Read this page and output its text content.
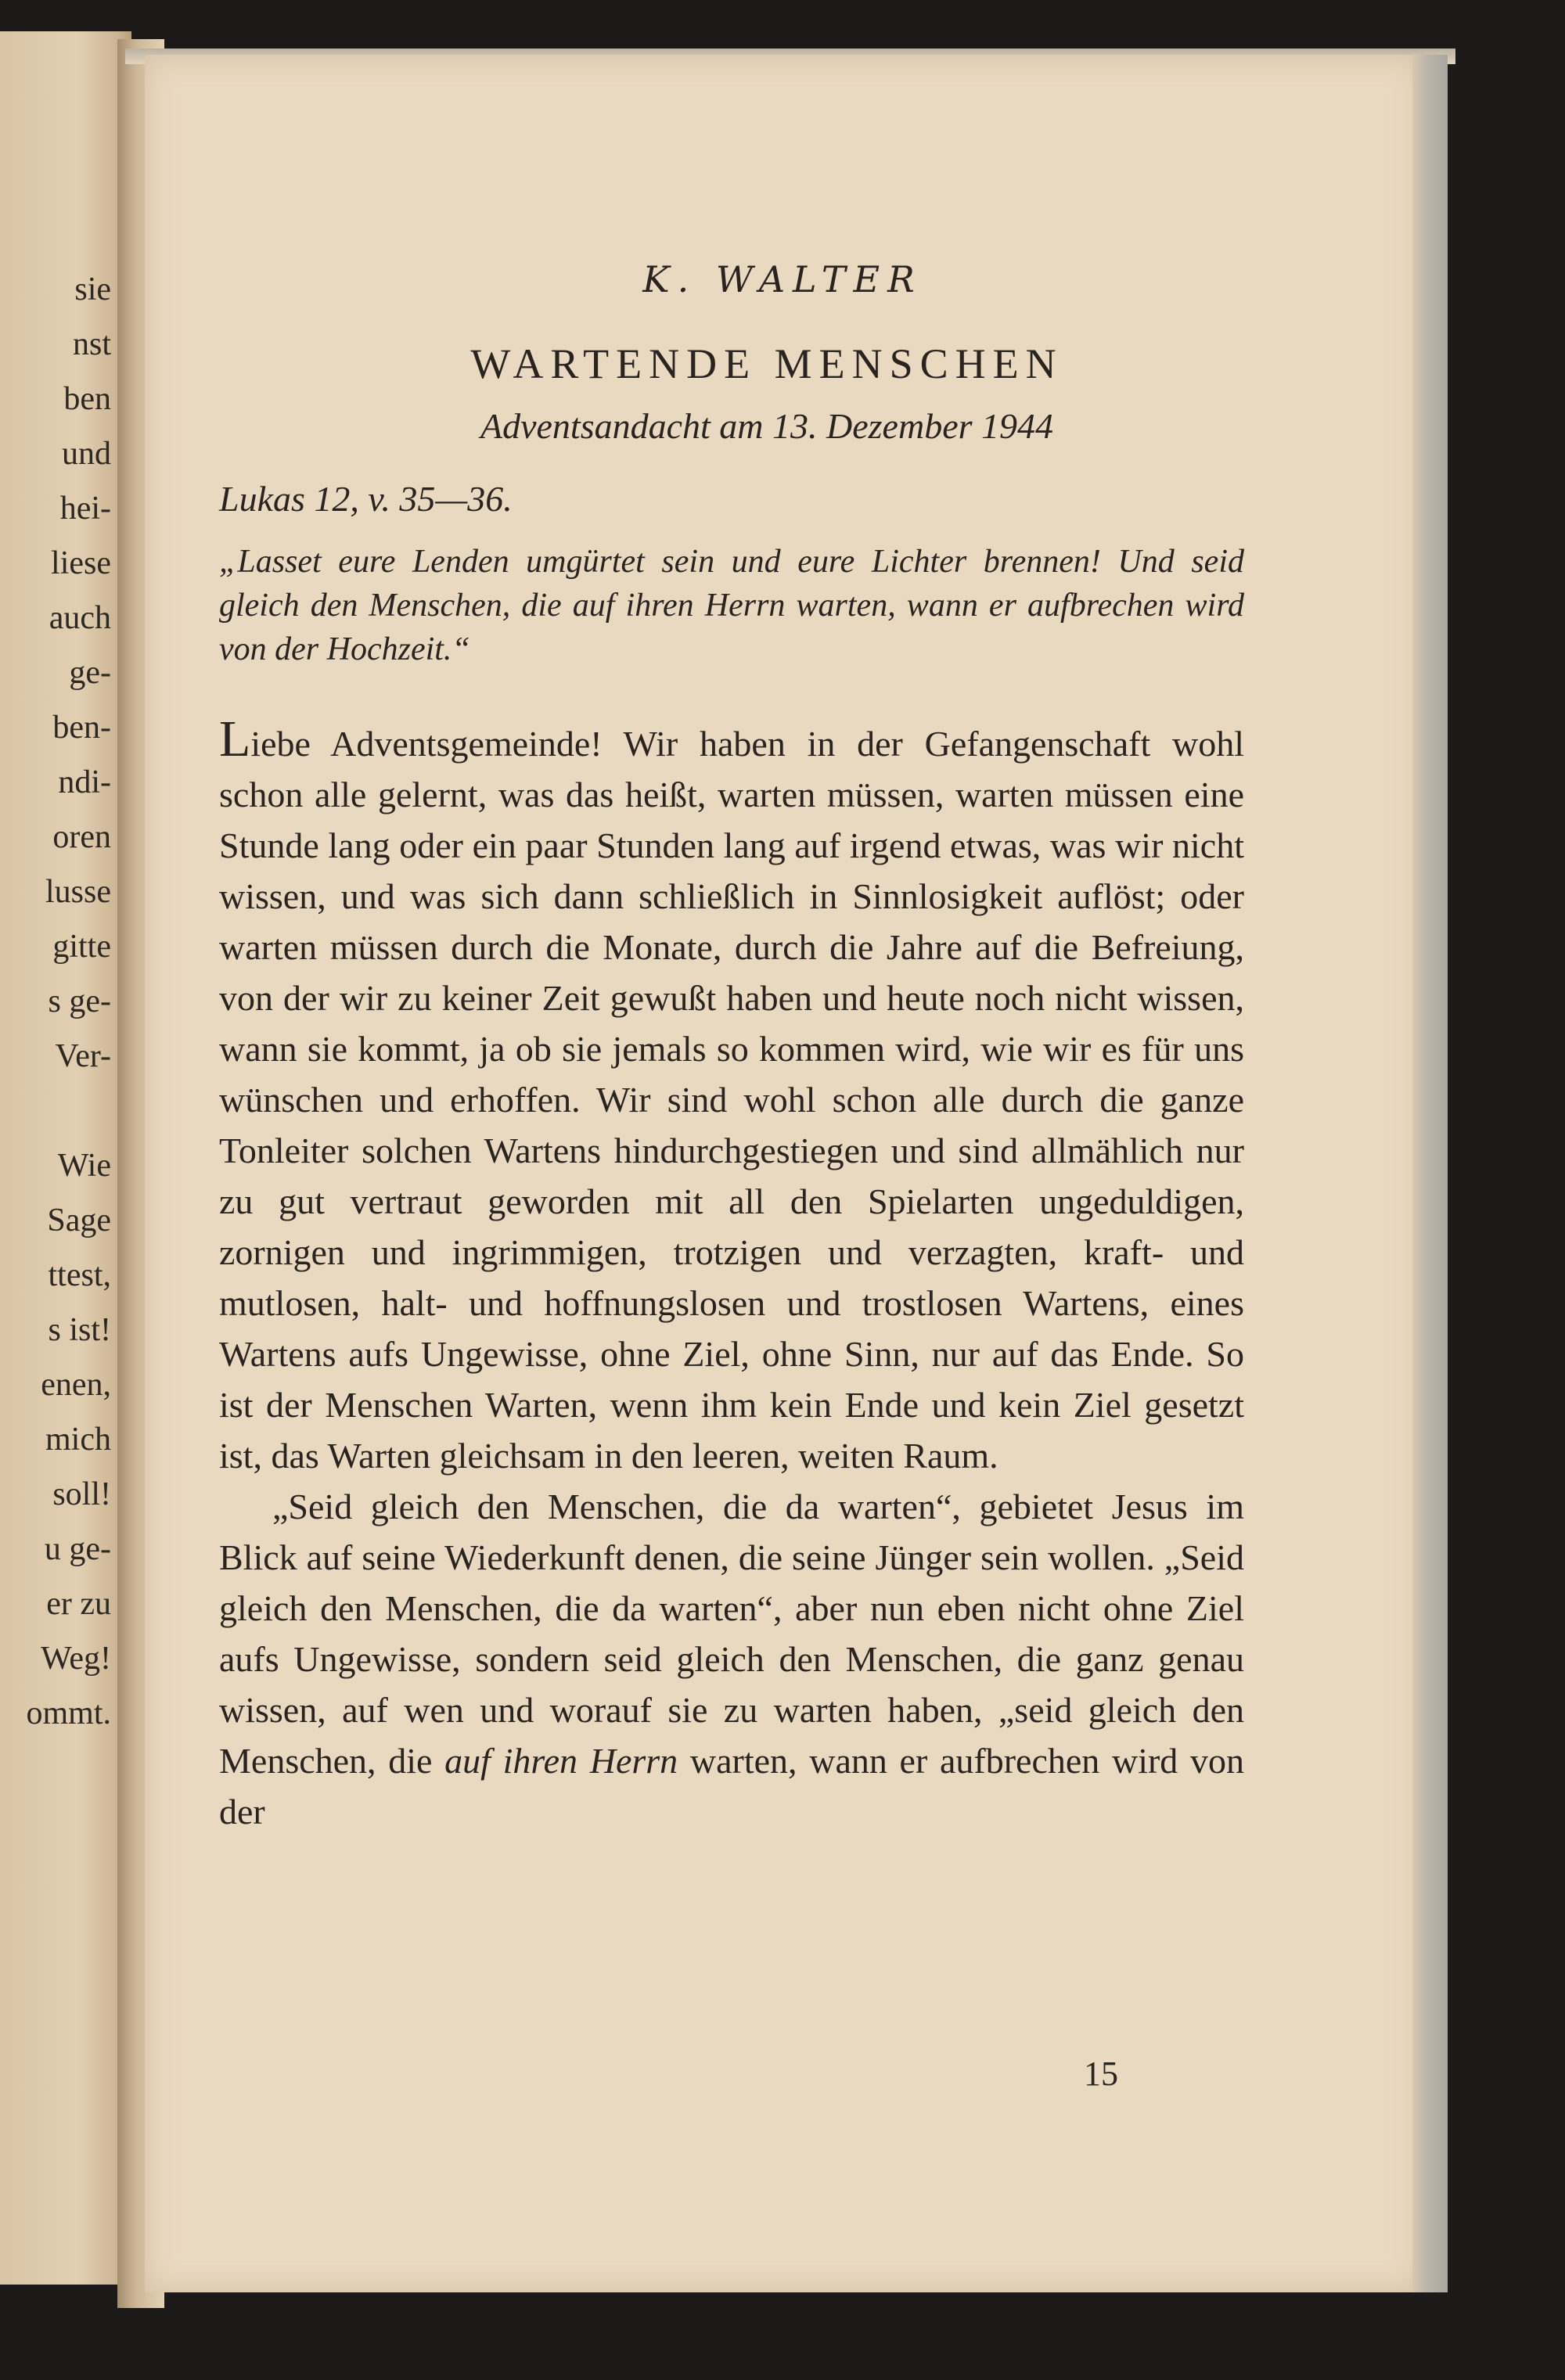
sie
nst
ben
und
hei-
liese
auch
ge-
ben-
ndi-
oren
lusse
gitte
s ge-
Ver-
Wie
Sage
ttest,
s ist!
enen,
mich
soll!
u ge-
er zu
Weg!
ommt.
K. WALTER
WARTENDE MENSCHEN
Adventsandacht am 13. Dezember 1944
Lukas 12, v. 35—36.
„Lasset eure Lenden umgürtet sein und eure Lichter brennen! Und seid gleich den Menschen, die auf ihren Herrn warten, wann er aufbrechen wird von der Hochzeit.“

Liebe Adventsgemeinde! Wir haben in der Gefangenschaft wohl schon alle gelernt, was das heißt, warten müssen, warten müssen eine Stunde lang oder ein paar Stunden lang auf irgend etwas, was wir nicht wissen, und was sich dann schließlich in Sinnlosigkeit auflöst; oder warten müssen durch die Monate, durch die Jahre auf die Befreiung, von der wir zu keiner Zeit gewußt haben und heute noch nicht wissen, wann sie kommt, ja ob sie jemals so kommen wird, wie wir es für uns wünschen und erhoffen. Wir sind wohl schon alle durch die ganze Tonleiter solchen Wartens hindurchgestiegen und sind allmählich nur zu gut vertraut geworden mit all den Spielarten ungeduldigen, zornigen und ingrimmigen, trotzigen und verzagten, kraft- und mutlosen, halt- und hoffnungslosen und trostlosen Wartens, eines Wartens aufs Ungewisse, ohne Ziel, ohne Sinn, nur auf das Ende. So ist der Menschen Warten, wenn ihm kein Ende und kein Ziel gesetzt ist, das Warten gleichsam in den leeren, weiten Raum.

„Seid gleich den Menschen, die da warten“, gebietet Jesus im Blick auf seine Wiederkunft denen, die seine Jünger sein wollen. „Seid gleich den Menschen, die da warten“, aber nun eben nicht ohne Ziel aufs Ungewisse, sondern seid gleich den Menschen, die ganz genau wissen, auf wen und worauf sie zu warten haben, „seid gleich den Menschen, die auf ihren Herrn warten, wann er aufbrechen wird von der

15
